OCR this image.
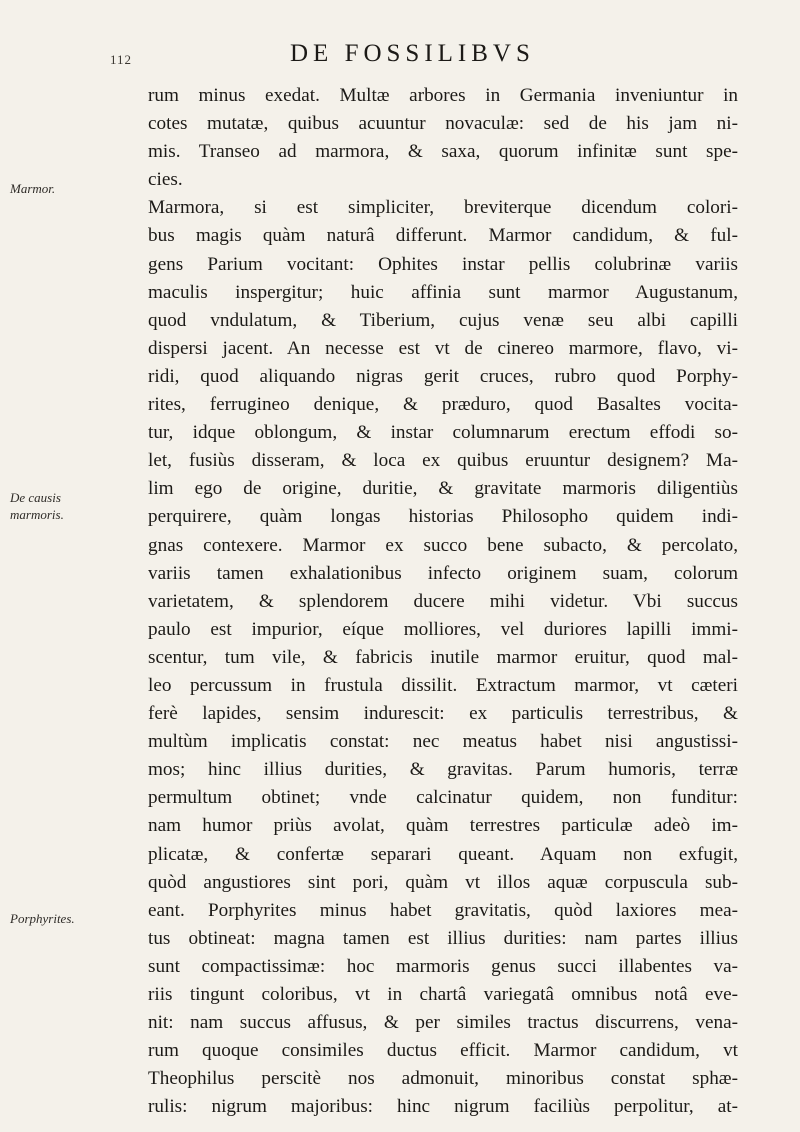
112	DE FOSSILIBVS
Marmor.
De causis
marmoris.
Porphyrites.
rum minus exedat. Multæ arbores in Germania inveniuntur in
cotes mutatæ, quibus acuuntur novaculæ: sed de his jam ni-
mis. Transeo ad marmora, & saxa, quorum infinitæ sunt spe-
cies.
Marmora, si est simpliciter, breviterque dicendum colori-
bus magis quàm naturâ differunt. Marmor candidum, & ful-
gens Parium vocitant: Ophites instar pellis colubrinæ variis
maculis inspergitur; huic affinia sunt marmor Augustanum,
quod vndulatum, & Tiberium, cujus venæ seu albi capilli
dispersi jacent. An necesse est vt de cinereo marmore, flavo, vi-
ridi, quod aliquando nigras gerit cruces, rubro quod Porphy-
rites, ferrugineo denique, & præduro, quod Basaltes vocita-
tur, idque oblongum, & instar columnarum erectum effodi so-
let, fusiùs disseram, & loca ex quibus eruuntur designem? Ma-
lim ego de origine, duritie, & gravitate marmoris diligentiùs
perquirere, quàm longas historias Philosopho quidem indi-
gnas contexere. Marmor ex succo bene subacto, & percolato,
variis tamen exhalationibus infecto originem suam, colorum
varietatem, & splendorem ducere mihi videtur. Vbi succus
paulo est impurior, eíque molliores, vel duriores lapilli immi-
scentur, tum vile, & fabricis inutile marmor eruitur, quod mal-
leo percussum in frustula dissilit. Extractum marmor, vt cæteri
ferè lapides, sensim indurescit: ex particulis terrestribus, &
multùm implicatis constat: nec meatus habet nisi angustissi-
mos; hinc illius durities, & gravitas. Parum humoris, terræ
permultum obtinet; vnde calcinatur quidem, non funditur:
nam humor priùs avolat, quàm terrestres particulæ adeò im-
plicatæ, & confertæ separari queant. Aquam non exfugit,
quòd angustiores sint pori, quàm vt illos aquæ corpuscula sub-
eant. Porphyrites minus habet gravitatis, quòd laxiores mea-
tus obtineat: magna tamen est illius durities: nam partes illius
sunt compactissimæ: hoc marmoris genus succi illabentes va-
riis tingunt coloribus, vt in chartâ variegatâ omnibus notâ eve-
nit: nam succus affusus, & per similes tractus discurrens, vena-
rum quoque consimiles ductus efficit. Marmor candidum, vt
Theophilus perscitè nos admonuit, minoribus constat sphæ-
rulis: nigrum majoribus: hinc nigrum faciliùs perpolitur, at-
